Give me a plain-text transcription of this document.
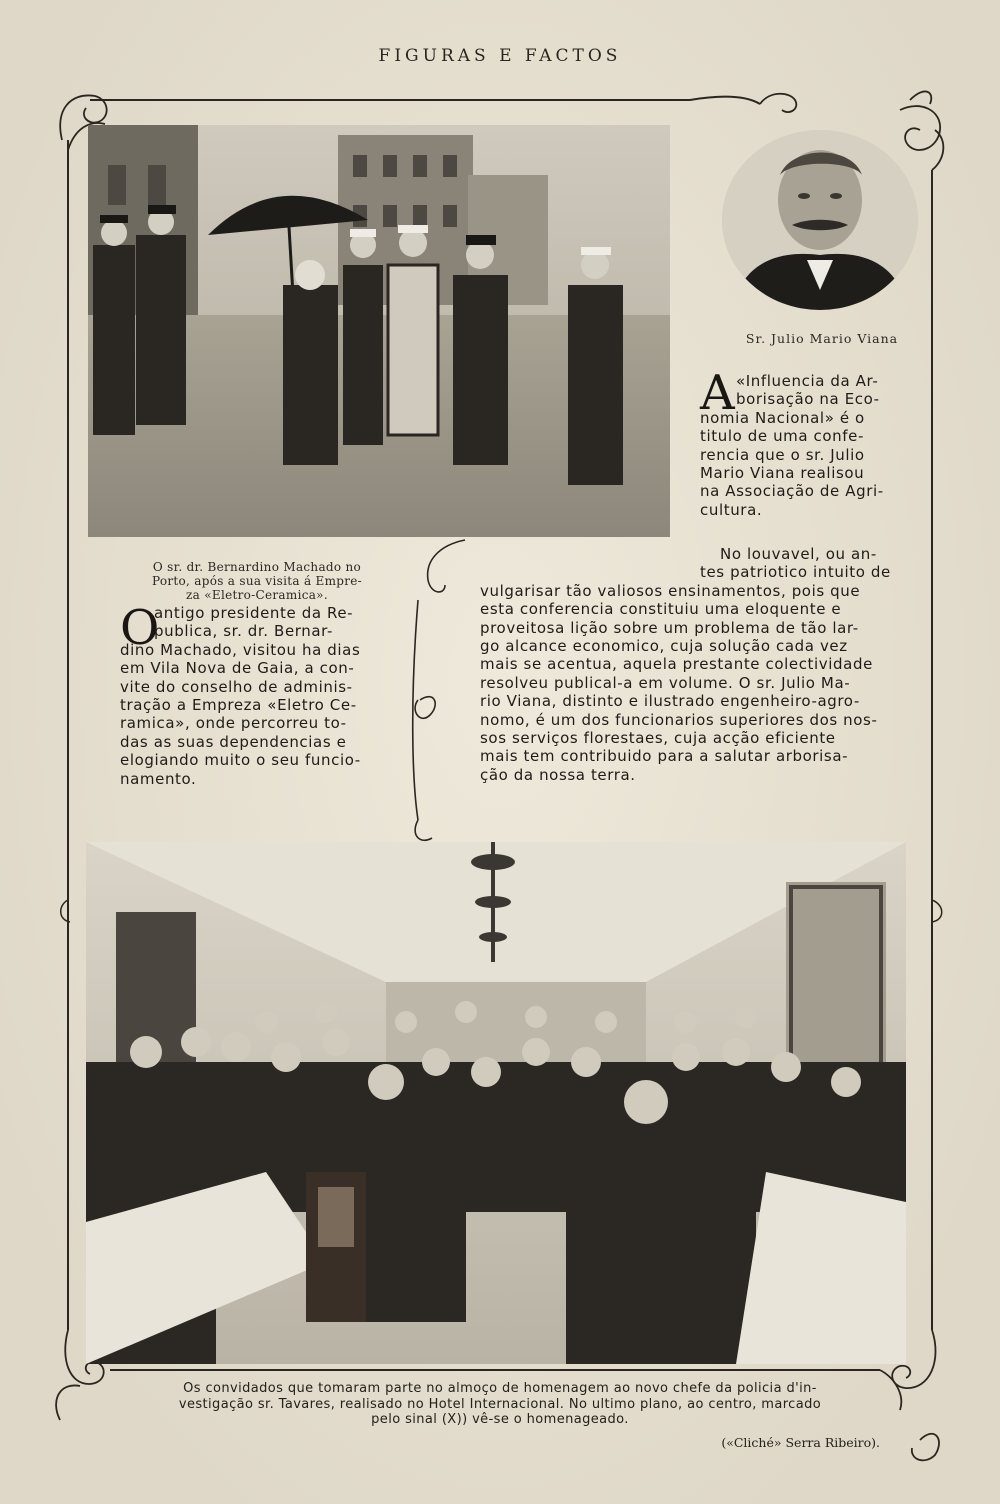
FIGURAS E FACTOS
Sr. Julio Mario Viana
A «Influencia da Ar-
borisação na Eco-
nomia Nacional» é o
titulo de uma confe-
rencia que o sr. Julio
Mario Viana realisou
na Associação de Agri-
cultura.
No louvavel, ou an-
tes patriotico intuito de
vulgarisar tão valiosos ensinamentos, pois que
esta conferencia constituiu uma eloquente e
proveitosa lição sobre um problema de tão lar-
go alcance economico, cuja solução cada vez
mais se acentua, aquela prestante colectividade
resolveu publical-a em volume. O sr. Julio Ma-
rio Viana, distinto e ilustrado engenheiro-agro-
nomo, é um dos funcionarios superiores dos nos-
sos serviços florestaes, cuja acção eficiente
mais tem contribuido para a salutar arborisa-
ção da nossa terra.
O sr. dr. Bernardino Machado no
Porto, após a sua visita á Empre-
za «Eletro-Ceramica».
O
antigo presidente da Re-
publica, sr. dr. Bernar-
dino Machado, visitou ha dias
em Vila Nova de Gaia, a con-
vite do conselho de adminis-
tração a Empreza «Eletro Ce-
ramica», onde percorreu to-
das as suas dependencias e
elogiando muito o seu funcio-
namento.
Os convidados que tomaram parte no almoço de homenagem ao novo chefe da policia d'in-
vestigação sr. Tavares, realisado no Hotel Internacional. No ultimo plano, ao centro, marcado
pelo sinal (X)) vê-se o homenageado.
(«Cliché» Serra Ribeiro).
